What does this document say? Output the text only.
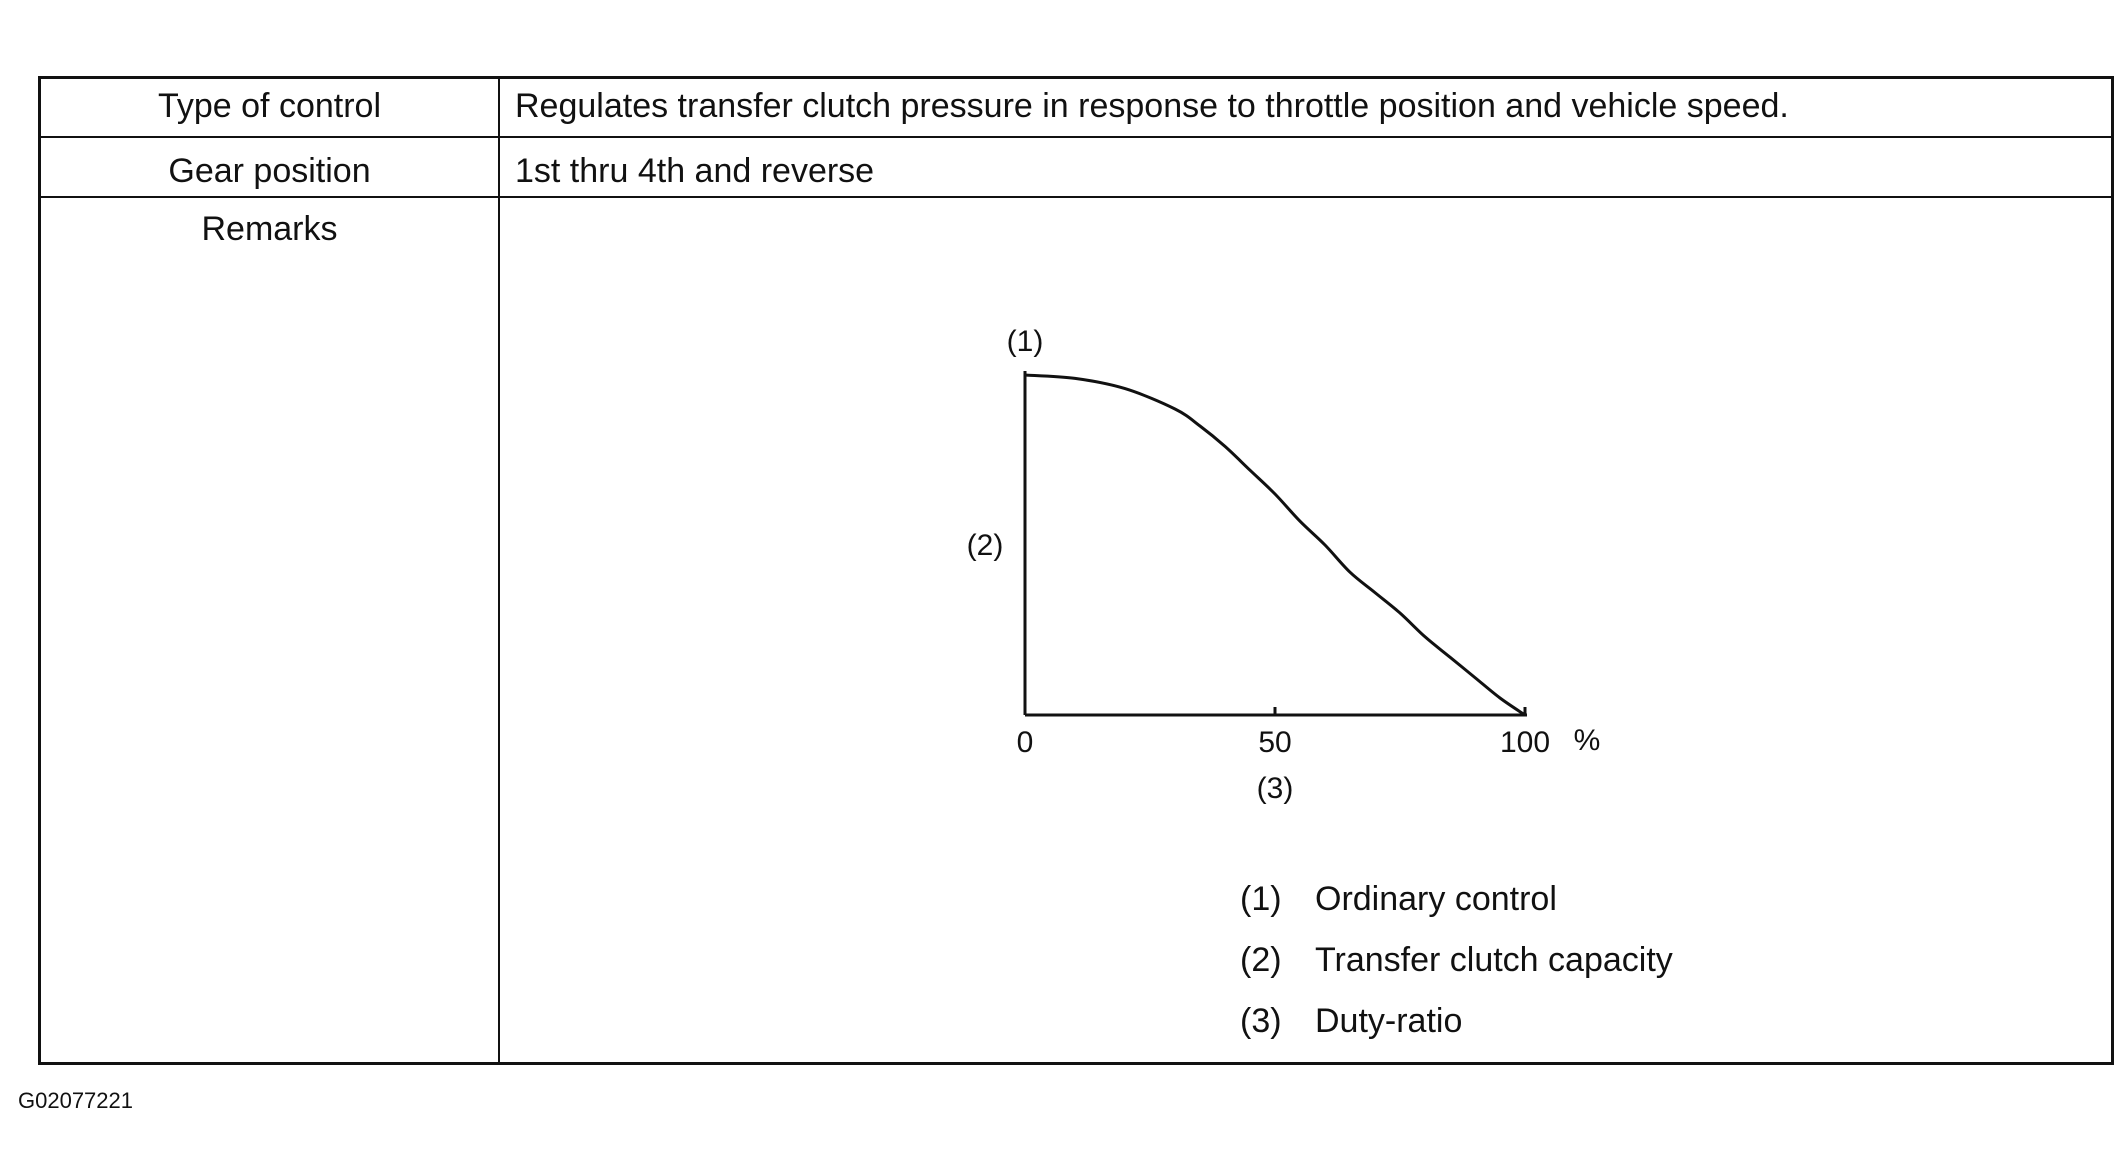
Type of control	Regulates transfer clutch pressure in response to throttle position and vehicle speed.
Gear position	1st thru 4th and reverse
Remarks
0	50	100
(1)
(2)
(3)
%
(1) Ordinary control
(2) Transfer clutch capacity
(3) Duty-ratio
G02077221
